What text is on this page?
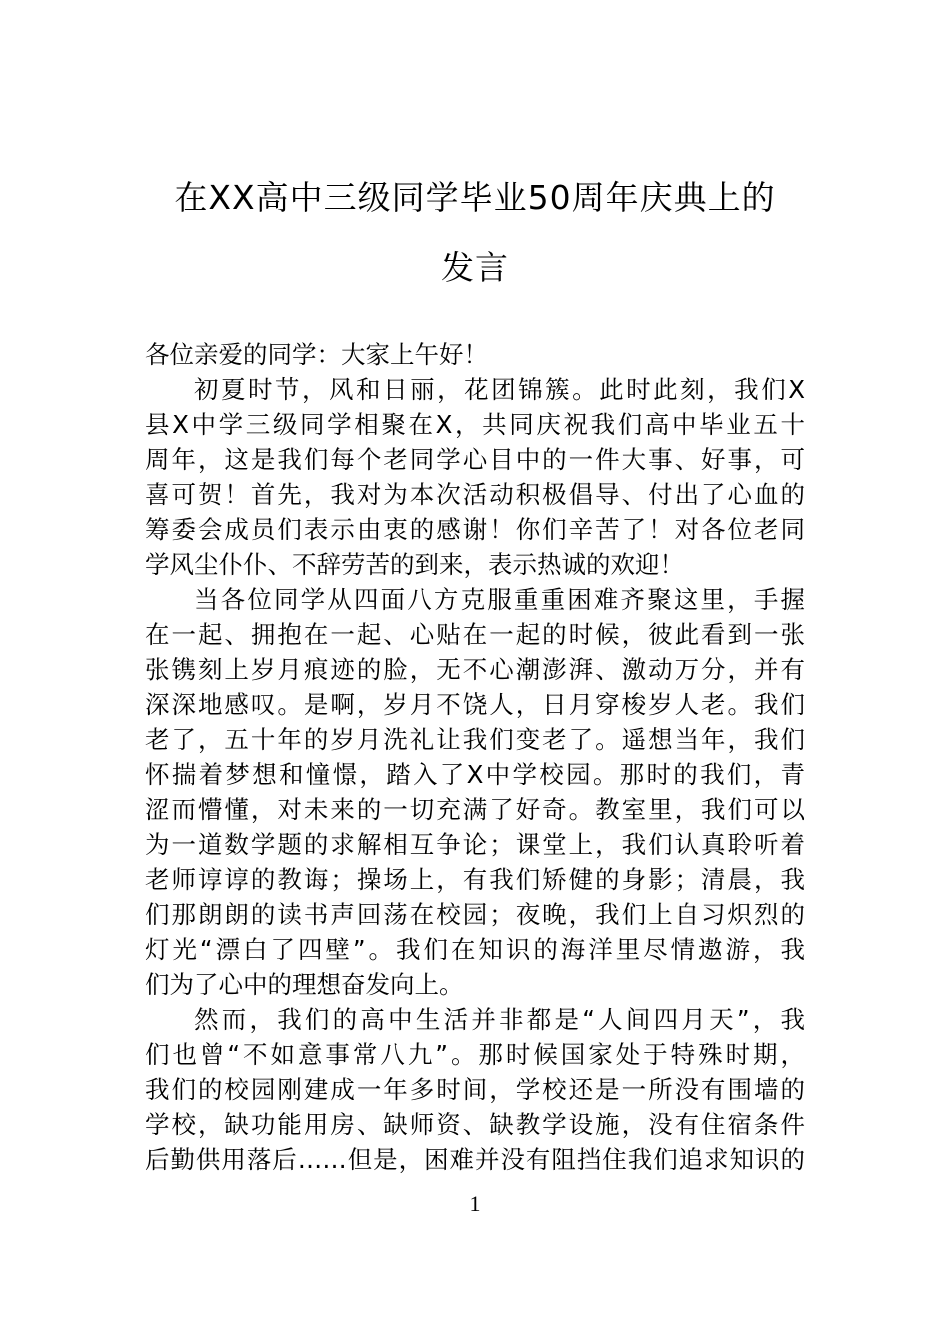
在XX高中三级同学毕业50周年庆典上的
发言
各位亲爱的同学：大家上午好！
初夏时节，风和日丽，花团锦簇。此时此刻，我们X
县X中学三级同学相聚在X，共同庆祝我们高中毕业五十
周年，这是我们每个老同学心目中的一件大事、好事，可
喜可贺！首先，我对为本次活动积极倡导、付出了心血的
筹委会成员们表示由衷的感谢！你们辛苦了！对各位老同
学风尘仆仆、不辞劳苦的到来，表示热诚的欢迎！
当各位同学从四面八方克服重重困难齐聚这里，手握
在一起、拥抱在一起、心贴在一起的时候，彼此看到一张
张镌刻上岁月痕迹的脸，无不心潮澎湃、激动万分，并有
深深地感叹。是啊，岁月不饶人，日月穿梭岁人老。我们
老了，五十年的岁月洗礼让我们变老了。遥想当年，我们
怀揣着梦想和憧憬，踏入了X中学校园。那时的我们，青
涩而懵懂，对未来的一切充满了好奇。教室里，我们可以
为一道数学题的求解相互争论；课堂上，我们认真聆听着
老师谆谆的教诲；操场上，有我们矫健的身影；清晨，我
们那朗朗的读书声回荡在校园；夜晚，我们上自习炽烈的
灯光“漂白了四壁”。我们在知识的海洋里尽情遨游，我
们为了心中的理想奋发向上。
然而，我们的高中生活并非都是“人间四月天”，我
们也曾“不如意事常八九”。那时候国家处于特殊时期，
我们的校园刚建成一年多时间，学校还是一所没有围墙的
学校，缺功能用房、缺师资、缺教学设施，没有住宿条件
后勤供用落后……但是，困难并没有阻挡住我们追求知识的
1
